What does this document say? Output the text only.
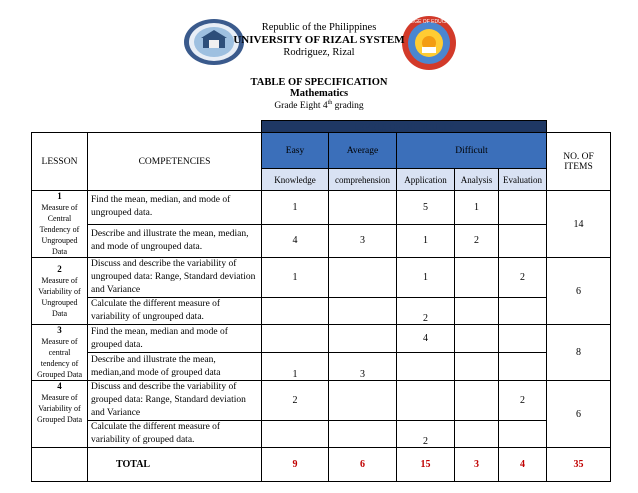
COLLEGE OF EDUCATION
Republic of the Philippines
UNIVERSITY OF RIZAL SYSTEM
Rodriguez, Rizal
TABLE OF SPECIFICATION
Mathematics
Grade Eight 4th grading
		LEVELS OF DIFFICULTY					
LESSON	COMPETENCIES	Easy	Average	Difficult			NO. OF ITEMS
		Knowledge	comprehension	Application	Analysis	Evaluation	

1
Measure of Central Tendency of Ungrouped Data	Find the mean, median, and mode of ungrouped data.	1		5	1		14
	Describe and illustrate the mean, median, and mode of ungrouped data.	4	3	1	2		

2
Measure of Variability of Ungrouped Data	Discuss and describe the variability of ungrouped data: Range, Standard deviation and Variance	1		1		2	6
	Calculate the different measure of variability of ungrouped data.			2			

3
Measure of central tendency of Grouped Data	Find the mean, median and mode of grouped data.			4			8
	Describe and illustrate the mean, median,and mode of grouped data	1	3				

4
Measure of Variability of Grouped Data	Discuss and describe the variability of grouped data: Range, Standard deviation and Variance	2				2	6
	Calculate the different measure of variability of grouped data.			2			
	TOTAL	9	6	15	3	4	35
